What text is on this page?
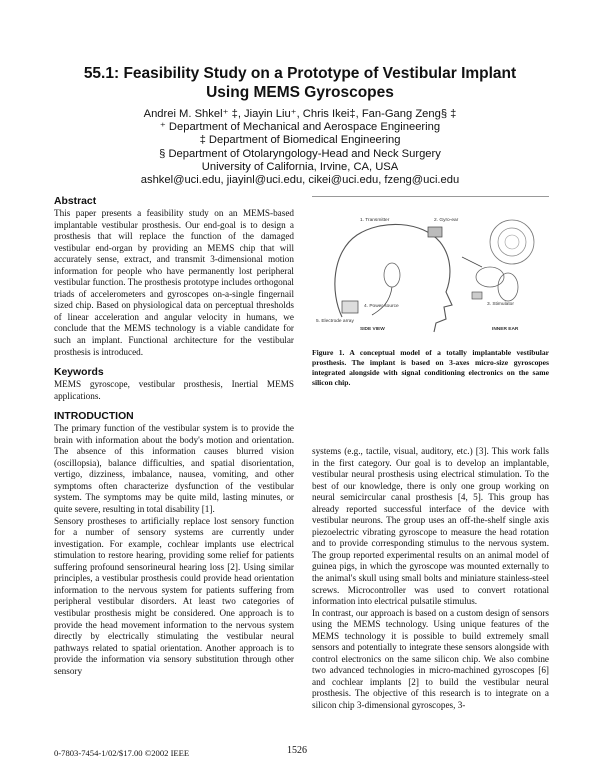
55.1: Feasibility Study on a Prototype of Vestibular Implant
Using MEMS Gyroscopes
Andrei M. Shkel⁺ ‡, Jiayin Liu⁺, Chris Ikei‡, Fan-Gang Zeng§ ‡
⁺ Department of Mechanical and Aerospace Engineering
‡ Department of Biomedical Engineering
§ Department of Otolaryngology-Head and Neck Surgery
University of California, Irvine, CA, USA
ashkel@uci.edu, jiayinl@uci.edu, cikei@uci.edu, fzeng@uci.edu
Abstract

This paper presents a feasibility study on an MEMS-based implantable vestibular prosthesis. Our end-goal is to design a prosthesis that will replace the function of the damaged vestibular end-organ by providing an MEMS chip that will accurately sense, extract, and transmit 3-dimensional motion information for people who have permanently lost peripheral vestibular function. The prosthesis prototype includes orthogonal triads of accelerometers and gyroscopes on-a-single fingernail sized chip. Based on physiological data on perceptual thresholds of linear acceleration and angular velocity in humans, we conclude that the MEMS technology is a viable candidate for such an implant. Functional architecture for the vestibular prosthesis is introduced.

Keywords

MEMS gyroscope, vestibular prosthesis, Inertial MEMS applications.

INTRODUCTION

The primary function of the vestibular system is to provide the brain with information about the body's motion and orientation. The absence of this information causes blurred vision (oscillopsia), balance difficulties, and spatial disorientation, vertigo, dizziness, imbalance, nausea, vomiting, and other symptoms often characterize dysfunction of the vestibular system. The symptoms may be quite mild, lasting minutes, or quite severe, resulting in total disability [1].

Sensory prostheses to artificially replace lost sensory function for a number of sensory systems are currently under investigation. For example, cochlear implants use electrical stimulation to restore hearing, providing some relief for patients suffering profound sensorineural hearing loss [2]. Using similar principles, a vestibular prosthesis could provide head orientation information to the nervous system for patients suffering from peripheral vestibular disorders. At least two categories of vestibular prosthesis might be considered. One approach is to provide the head movement information to the nervous system directly by electrically stimulating the vestibular neural pathways related to spatial orientation. Another approach is to provide the information via sensory substitution through other sensory

1. Transmitter	2. Gyro-ear
3. Stimulator
4. Power source
5. Electrode array
SIDE VIEW	INNER EAR
Figure 1. A conceptual model of a totally implantable vestibular prosthesis. The implant is based on 3-axes micro-size gyroscopes integrated alongside with signal conditioning electronics on the same silicon chip.

systems (e.g., tactile, visual, auditory, etc.) [3]. This work falls in the first category. Our goal is to develop an implantable, vestibular neural prosthesis using electrical stimulation. To the best of our knowledge, there is only one group working on neural semicircular canal prosthesis [4, 5]. This group has already reported successful interface of the device with vestibular neurons. The group uses an off-the-shelf single axis piezoelectric vibrating gyroscope to measure the head rotation and to provide corresponding stimulus to the nervous system. The group reported experimental results on an animal model of guinea pigs, in which the gyroscope was mounted externally to the animal's skull using small bolts and miniature stainless-steel screws. Microcontroller was used to convert rotational information into electrical pulsatile stimulus.

In contrast, our approach is based on a custom design of sensors using the MEMS technology. Using unique features of the MEMS technology it is possible to build extremely small sensors and potentially to integrate these sensors alongside with control electronics on the same silicon chip. We also combine two advanced technologies in micro-machined gyroscopes [6] and cochlear implants [2] to build the vestibular neural prosthesis. The objective of this research is to integrate on a silicon chip 3-dimensional gyroscopes, 3-

0-7803-7454-1/02/$17.00 ©2002 IEEE	1526
